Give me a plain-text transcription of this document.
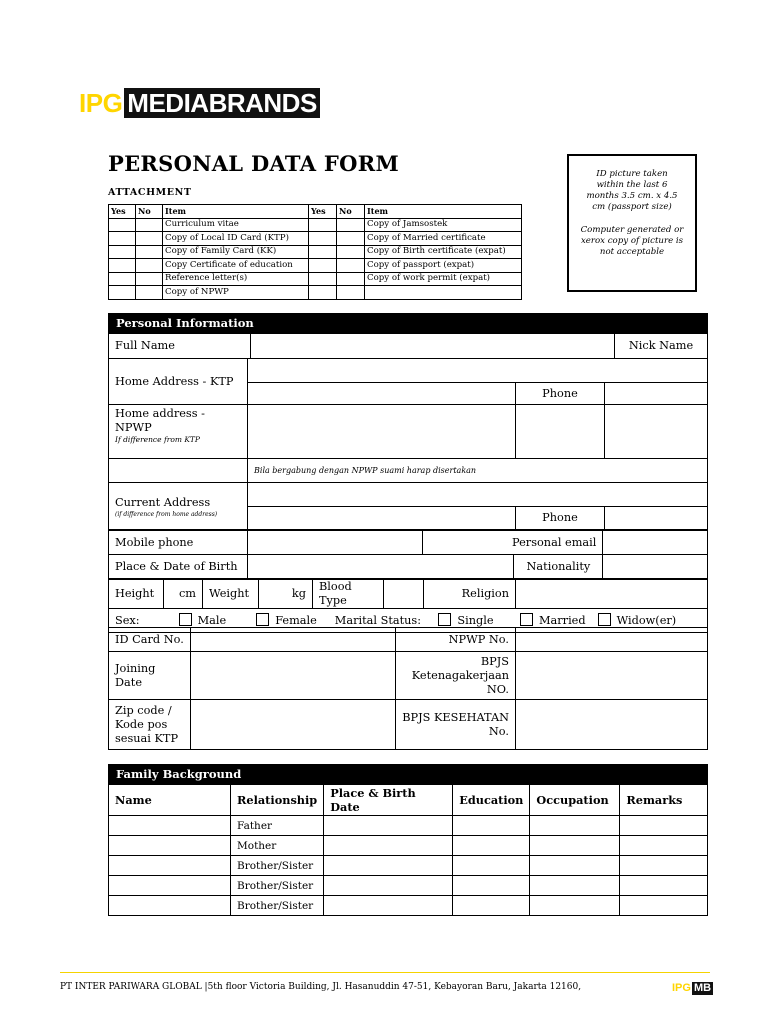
IPG MEDIABRANDS
PERSONAL DATA FORM
ATTACHMENT
Yes	No	Item	Yes	No	Item
		Curriculum vitae			Copy of Jamsostek
		Copy of Local ID Card (KTP)			Copy of Married certificate
		Copy of Family Card (KK)			Copy of Birth certificate (expat)
		Copy Certificate of education			Copy of passport (expat)
		Reference letter(s)			Copy of work permit (expat)
		Copy of NPWP			

ID picture taken within the last 6 months 3.5 cm. x 4.5 cm (passport size)

Computer generated or xerox copy of picture is not acceptable

Personal Information
Full Name		Nick Name
Home Address - KTP			
		Phone	
Home address - NPWP
If difference from KTP			

	Bila bergabung dengan NPWP suami harap disertakan		

Current Address
(if difference from home address)			

		Phone	
Mobile phone		Personal email		
Place & Date of Birth			Nationality	
Height	cm	Weight	kg	Blood Type		Religion	
Sex:	Male	Female Marital Status:	Single	Married	Widow(er)
ID Card No.		NPWP No.	
Joining Date		BPJS Ketenagakerjaan NO.	
Zip code / Kode pos sesuai KTP		BPJS KESEHATAN No.	
Family Background
Name	Relationship	Place & Birth Date	Education	Occupation	Remarks
	Father				
	Mother				
	Brother/Sister				
	Brother/Sister				
	Brother/Sister				
PT INTER PARIWARA GLOBAL |5th floor Victoria Building, Jl. Hasanuddin 47-51, Kebayoran Baru, Jakarta 12160,	IPG MB
